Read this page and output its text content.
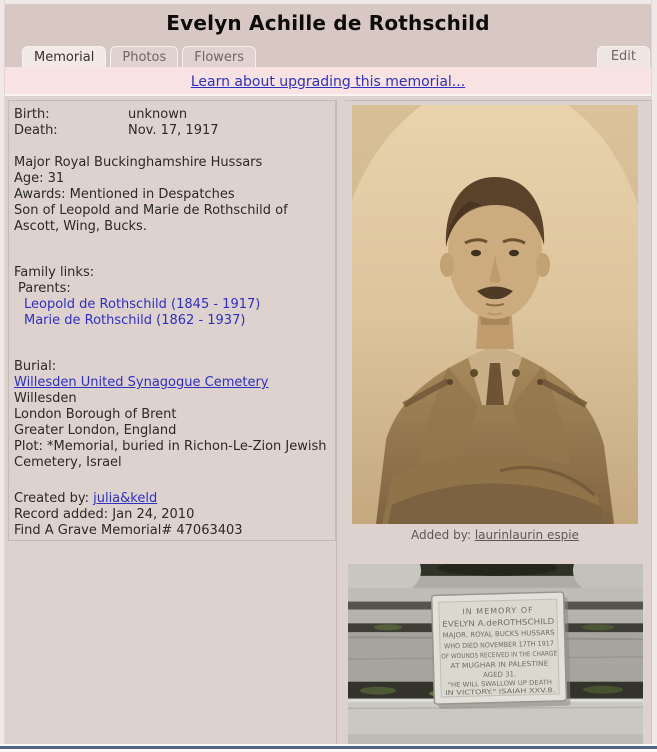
Evelyn Achille de Rothschild
Memorial	Photos	Flowers	Edit
Learn about upgrading this memorial...
Birth:	unknown
Death:	Nov. 17, 1917
Major Royal Buckinghamshire Hussars
Age: 31
Awards: Mentioned in Despatches
Son of Leopold and Marie de Rothschild of Ascott, Wing, Bucks.
Family links:
Parents:
Leopold de Rothschild (1845 - 1917)
Marie de Rothschild (1862 - 1937)
Burial:
Willesden United Synagogue Cemetery
Willesden
London Borough of Brent
Greater London, England
Plot: *Memorial, buried in Richon-Le-Zion Jewish Cemetery, Israel
Created by: julia&keld
Record added: Jan 24, 2010
Find A Grave Memorial# 47063403	Added by: laurinlaurin espie
IN MEMORY OF
EVELYN A.deROTHSCHILD
MAJOR, ROYAL BUCKS HUSSARS
WHO DIED NOVEMBER 17TH 1917
OF WOUNDS RECEIVED IN THE CHARGE
AT MUGHAR IN PALESTINE
AGED 31.
"HE WILL SWALLOW UP DEATH
IN VICTORY." ISAIAH XXV.8.
